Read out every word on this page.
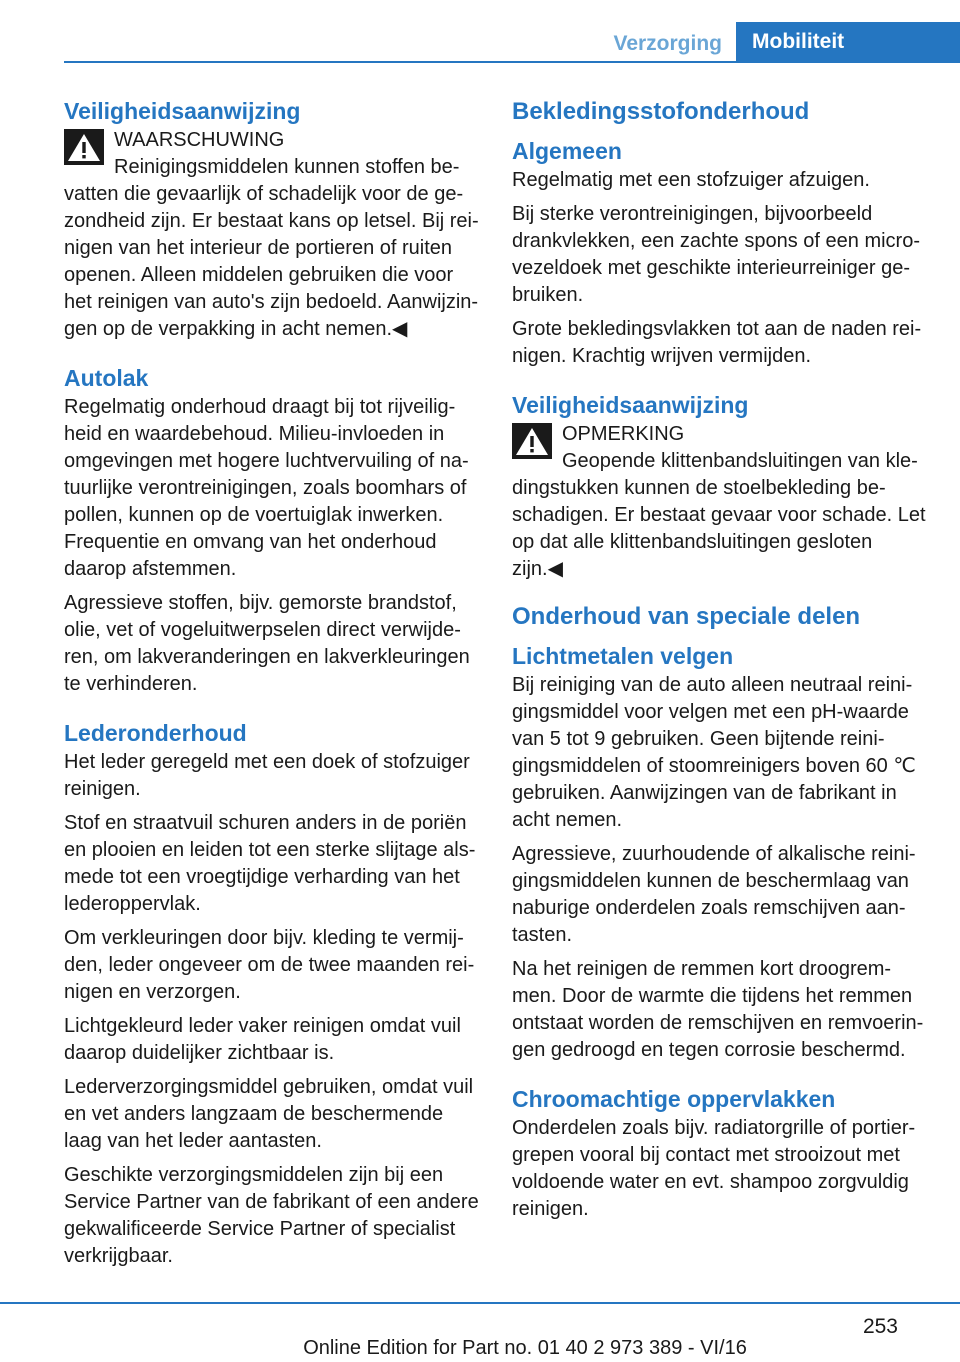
Verzorging	Mobiliteit
Veiligheidsaanwijzing
WAARSCHUWING

Reinigingsmiddelen kunnen stoffen bevatten die gevaarlijk of schadelijk voor de gezondheid zijn. Er bestaat kans op letsel. Bij reinigen van het interieur de portieren of ruiten openen. Alleen middelen gebruiken die voor het reinigen van auto's zijn bedoeld. Aanwijzingen op de verpakking in acht nemen.◀

Autolak

Regelmatig onderhoud draagt bij tot rijveiligheid en waardebehoud. Milieu-invloeden in omgevingen met hogere luchtvervuiling of natuurlijke verontreinigingen, zoals boomhars of pollen, kunnen op de voertuiglak inwerken. Frequentie en omvang van het onderhoud daarop afstemmen.

Agressieve stoffen, bijv. gemorste brandstof, olie, vet of vogeluitwerpselen direct verwijderen, om lakveranderingen en lakverkleuringen te verhinderen.

Lederonderhoud

Het leder geregeld met een doek of stofzuiger reinigen.

Stof en straatvuil schuren anders in de poriën en plooien en leiden tot een sterke slijtage alsmede tot een vroegtijdige verharding van het lederoppervlak.

Om verkleuringen door bijv. kleding te vermijden, leder ongeveer om de twee maanden reinigen en verzorgen.

Lichtgekleurd leder vaker reinigen omdat vuil daarop duidelijker zichtbaar is.

Lederverzorgingsmiddel gebruiken, omdat vuil en vet anders langzaam de beschermende laag van het leder aantasten.

Geschikte verzorgingsmiddelen zijn bij een Service Partner van de fabrikant of een andere gekwalificeerde Service Partner of specialist verkrijgbaar.

Bekledingsstofonderhoud
Algemeen

Regelmatig met een stofzuiger afzuigen.

Bij sterke verontreinigingen, bijvoorbeeld drankvlekken, een zachte spons of een microvezeldoek met geschikte interieurreiniger gebruiken.

Grote bekledingsvlakken tot aan de naden reinigen. Krachtig wrijven vermijden.

Veiligheidsaanwijzing
OPMERKING

Geopende klittenbandsluitingen van kledingstukken kunnen de stoelbekleding beschadigen. Er bestaat gevaar voor schade. Let op dat alle klittenbandsluitingen gesloten zijn.◀

Onderhoud van speciale delen
Lichtmetalen velgen

Bij reiniging van de auto alleen neutraal reinigingsmiddel voor velgen met een pH-waarde van 5 tot 9 gebruiken. Geen bijtende reinigingsmiddelen of stoomreinigers boven 60 ℃ gebruiken. Aanwijzingen van de fabrikant in acht nemen.

Agressieve, zuurhoudende of alkalische reinigingsmiddelen kunnen de beschermlaag van naburige onderdelen zoals remschijven aantasten.

Na het reinigen de remmen kort droogremmen. Door de warmte die tijdens het remmen ontstaat worden de remschijven en remvoeringen gedroogd en tegen corrosie beschermd.

Chroomachtige oppervlakken

Onderdelen zoals bijv. radiatorgrille of portiergrepen vooral bij contact met strooizout met voldoende water en evt. shampoo zorgvuldig reinigen.

253
Online Edition for Part no. 01 40 2 973 389 - VI/16
